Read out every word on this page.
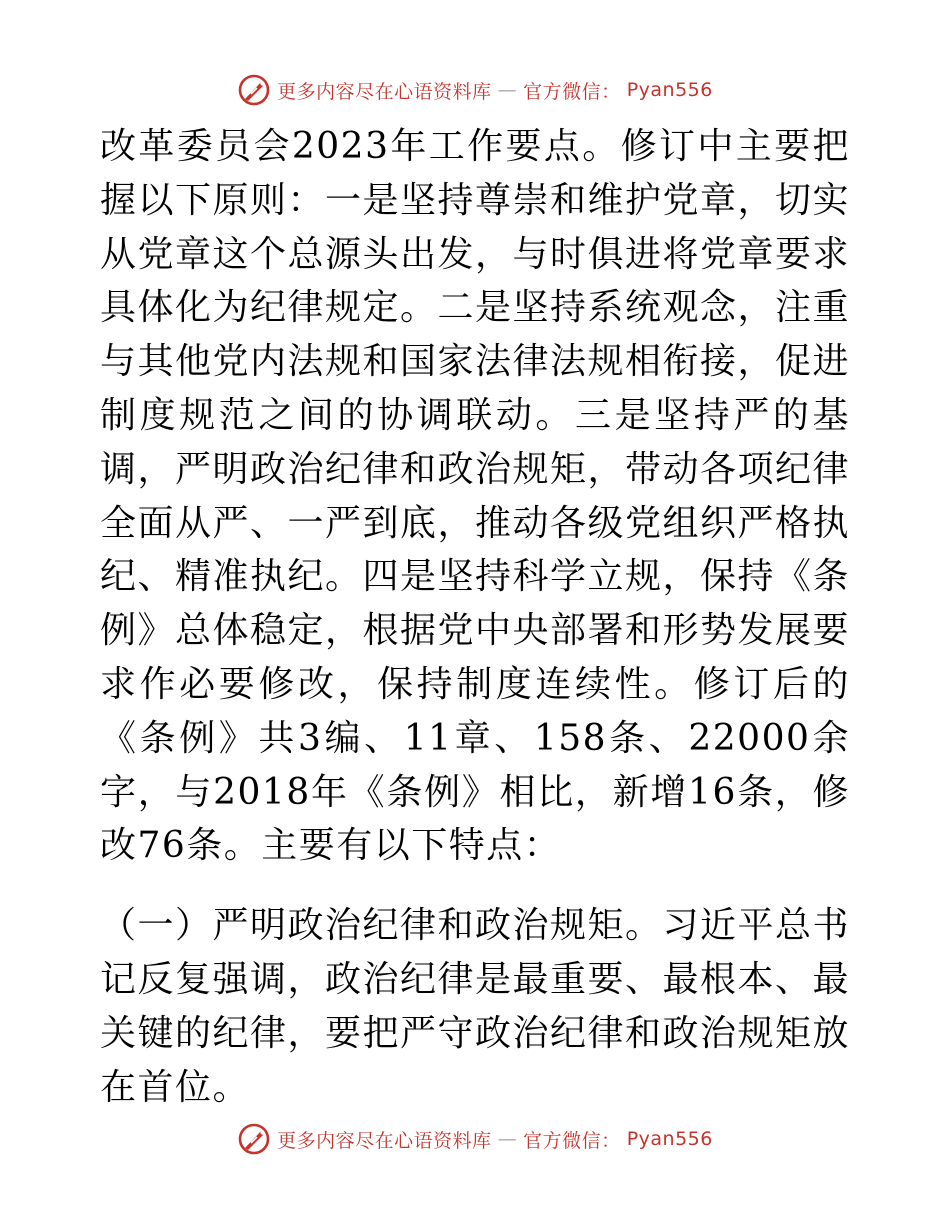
更多内容尽在心语资料库 — 官方微信： Pyan556

改革委员会2023年工作要点。修订中主要把握以下原则：一是坚持尊崇和维护党章，切实从党章这个总源头出发，与时俱进将党章要求具体化为纪律规定。二是坚持系统观念，注重与其他党内法规和国家法律法规相衔接，促进制度规范之间的协调联动。三是坚持严的基调，严明政治纪律和政治规矩，带动各项纪律全面从严、一严到底，推动各级党组织严格执纪、精准执纪。四是坚持科学立规，保持《条例》总体稳定，根据党中央部署和形势发展要求作必要修改，保持制度连续性。修订后的《条例》共3编、11章、158条、22000余字，与2018年《条例》相比，新增16条，修改76条。主要有以下特点：

（一）严明政治纪律和政治规矩。习近平总书记反复强调，政治纪律是最重要、最根本、最关键的纪律，要把严守政治纪律和政治规矩放在首位。

更多内容尽在心语资料库 — 官方微信： Pyan556
